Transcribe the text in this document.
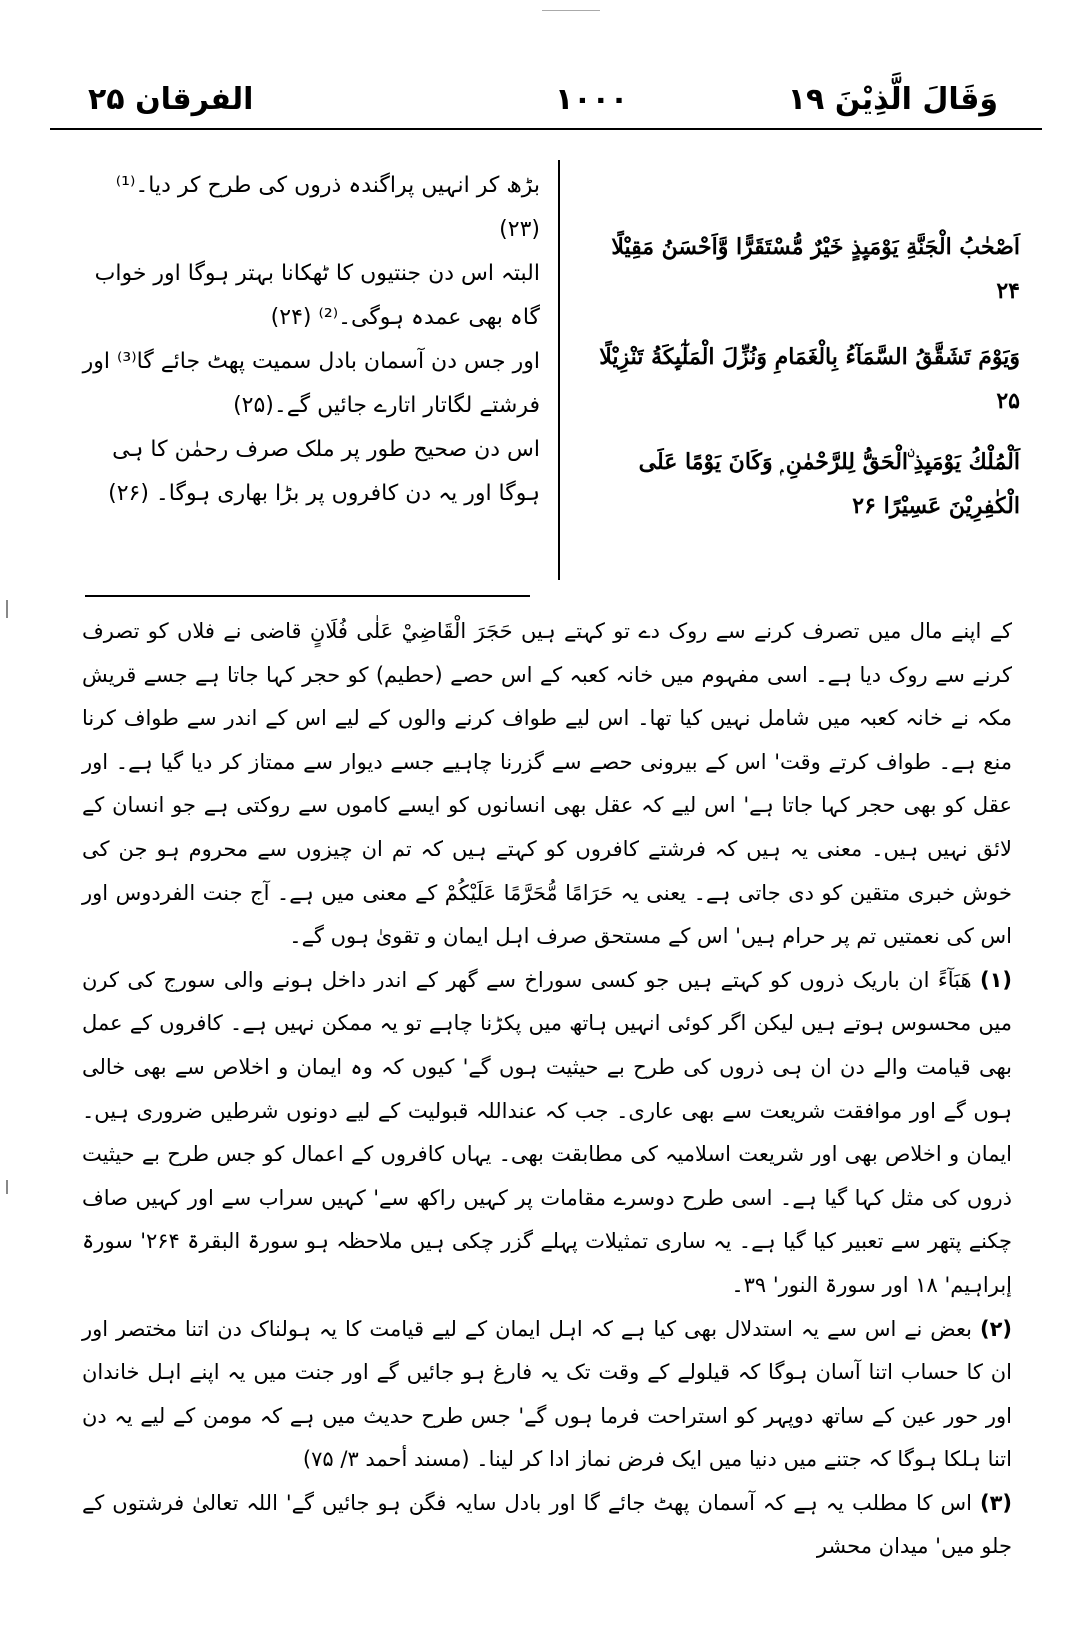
الفرقان ۲۵	۱۰۰۰	وَقَالَ الَّذِيْنَ ١٩

بڑھ کر انہیں پراگندہ ذروں کی طرح کر دیا۔⁽¹⁾ (۲۳)

البتہ اس دن جنتیوں کا ٹھکانا بہتر ہوگا اور خواب گاہ بھی عمدہ ہوگی۔⁽²⁾ (۲۴)

اور جس دن آسمان بادل سمیت پھٹ جائے گا⁽³⁾ اور فرشتے لگاتار اتارے جائیں گے۔(۲۵)

اس دن صحیح طور پر ملک صرف رحمٰن کا ہی ہوگا اور یہ دن کافروں پر بڑا بھاری ہوگا۔ (۲۶)

اَصْحٰبُ الْجَنَّةِ يَوْمَىِٕذٍ خَيْرٌ مُّسْتَقَرًّا وَّاَحْسَنُ مَقِيْلًا ۲۴
وَيَوْمَ تَشَقَّقُ السَّمَآءُ بِالْغَمَامِ وَنُزِّلَ الْمَلٰٓىِٕكَةُ تَنْزِيْلًا ۲۵
اَلْمُلْكُ يَوْمَىِٕذِ ۨالْحَقُّ لِلرَّحْمٰنِ ۭ وَكَانَ يَوْمًا عَلَى الْكٰفِرِيْنَ عَسِيْرًا ۲۶

کے اپنے مال میں تصرف کرنے سے روک دے تو کہتے ہیں حَجَرَ الْقَاضِيْ عَلٰى فُلَانٍ قاضی نے فلاں کو تصرف کرنے سے روک دیا ہے۔ اسی مفہوم میں خانہ کعبہ کے اس حصے (حطیم) کو حجر کہا جاتا ہے جسے قریش مکہ نے خانہ کعبہ میں شامل نہیں کیا تھا۔ اس لیے طواف کرنے والوں کے لیے اس کے اندر سے طواف کرنا منع ہے۔ طواف کرتے وقت' اس کے بیرونی حصے سے گزرنا چاہیے جسے دیوار سے ممتاز کر دیا گیا ہے۔ اور عقل کو بھی حجر کہا جاتا ہے' اس لیے کہ عقل بھی انسانوں کو ایسے کاموں سے روکتی ہے جو انسان کے لائق نہیں ہیں۔ معنی یہ ہیں کہ فرشتے کافروں کو کہتے ہیں کہ تم ان چیزوں سے محروم ہو جن کی خوش خبری متقین کو دی جاتی ہے۔ یعنی یہ حَرَامًا مُّحَرَّمًا عَلَيْكُمْ کے معنی میں ہے۔ آج جنت الفردوس اور اس کی نعمتیں تم پر حرام ہیں' اس کے مستحق صرف اہل ایمان و تقویٰ ہوں گے۔

(۱) هَبَآءً ان باریک ذروں کو کہتے ہیں جو کسی سوراخ سے گھر کے اندر داخل ہونے والی سورج کی کرن میں محسوس ہوتے ہیں لیکن اگر کوئی انہیں ہاتھ میں پکڑنا چاہے تو یہ ممکن نہیں ہے۔ کافروں کے عمل بھی قیامت والے دن ان ہی ذروں کی طرح بے حیثیت ہوں گے' کیوں کہ وہ ایمان و اخلاص سے بھی خالی ہوں گے اور موافقت شریعت سے بھی عاری۔ جب کہ عنداللہ قبولیت کے لیے دونوں شرطیں ضروری ہیں۔ ایمان و اخلاص بھی اور شریعت اسلامیہ کی مطابقت بھی۔ یہاں کافروں کے اعمال کو جس طرح بے حیثیت ذروں کی مثل کہا گیا ہے۔ اسی طرح دوسرے مقامات پر کہیں راکھ سے' کہیں سراب سے اور کہیں صاف چکنے پتھر سے تعبیر کیا گیا ہے۔ یہ ساری تمثیلات پہلے گزر چکی ہیں ملاحظہ ہو سورۃ البقرۃ ۲۶۴' سورۃ إبراہیم' ۱۸ اور سورۃ النور' ۳۹۔

(۲) بعض نے اس سے یہ استدلال بھی کیا ہے کہ اہل ایمان کے لیے قیامت کا یہ ہولناک دن اتنا مختصر اور ان کا حساب اتنا آسان ہوگا کہ قیلولے کے وقت تک یہ فارغ ہو جائیں گے اور جنت میں یہ اپنے اہل خاندان اور حور عین کے ساتھ دوپہر کو استراحت فرما ہوں گے' جس طرح حدیث میں ہے کہ مومن کے لیے یہ دن اتنا ہلکا ہوگا کہ جتنے میں دنیا میں ایک فرض نماز ادا کر لینا۔ (مسند أحمد ۳/ ۷۵)

(۳) اس کا مطلب یہ ہے کہ آسمان پھٹ جائے گا اور بادل سایہ فگن ہو جائیں گے' اللہ تعالیٰ فرشتوں کے جلو میں' میدان محشر
